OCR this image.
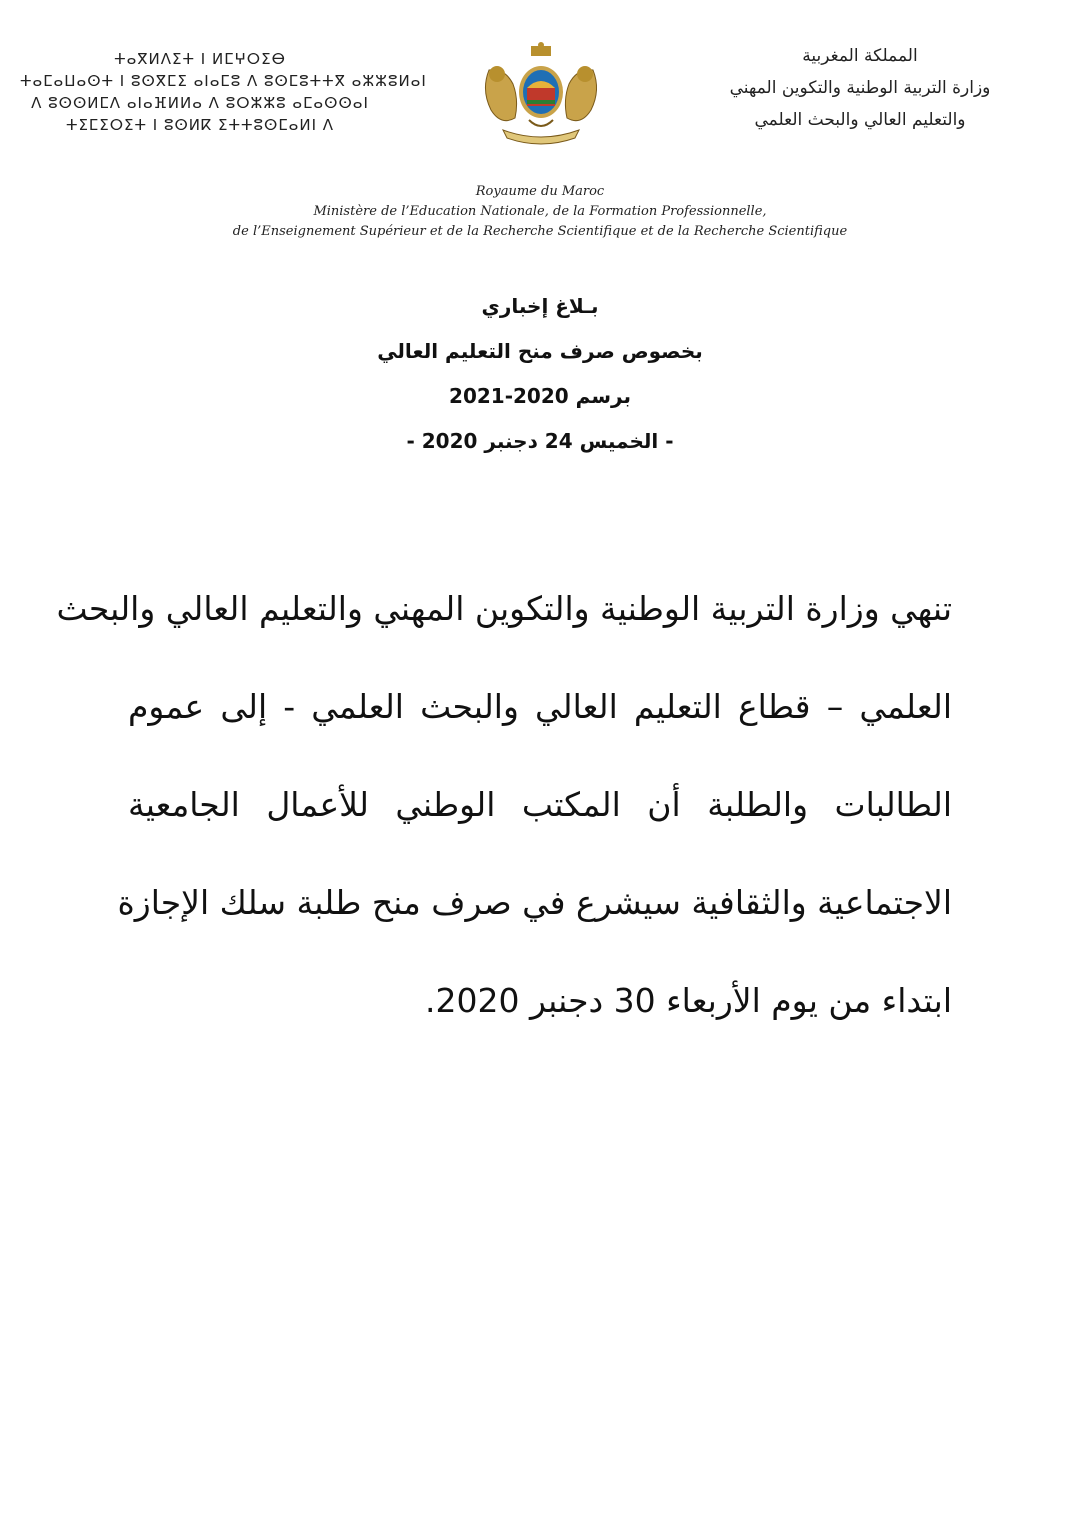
ⵜⴰⴳⵍⴷⵉⵜ ⵏ ⵍⵎⵖⵔⵉⴱ
ⵜⴰⵎⴰⵡⴰⵙⵜ ⵏ ⵓⵙⴳⵎⵉ ⴰⵏⴰⵎⵓ ⴷ ⵓⵙⵎⵓⵜⵜⴳ ⴰⵣⵣⵓⵍⴰⵏ
ⴷ ⵓⵙⵙⵍⵎⴷ ⴰⵏⴰⴼⵍⵍⴰ ⴷ ⵓⵔⵣⵣⵓ ⴰⵎⴰⵙⵙⴰⵏ
ⵜⵉⵎⵉⵔⵉⵜ ⵏ ⵓⵙⵍⴽ ⵉⵜⵜⵓⵙⵎⴰⵍⵏ ⴷ
المملكة المغربية
وزارة التربية الوطنية والتكوين المهني
والتعليم العالي والبحث العلمي
Royaume du Maroc
Ministère de l’Education Nationale, de la Formation Professionnelle,
de l’Enseignement Supérieur et de la Recherche Scientifique et de la Recherche Scientifique
بـلاغ إخباري
بخصوص صرف منح التعليم العالي
برسم 2020-2021
- الخميس 24 دجنبر 2020 -
تنهي وزارة التربية الوطنية والتكوين المهني والتعليم العالي والبحث
العلمي – قطاع التعليم العالي والبحث العلمي - إلى عموم
الطالبات والطلبة أن المكتب الوطني للأعمال الجامعية
الاجتماعية والثقافية سيشرع في صرف منح طلبة سلك الإجازة
ابتداء من يوم الأربعاء 30 دجنبر 2020.
